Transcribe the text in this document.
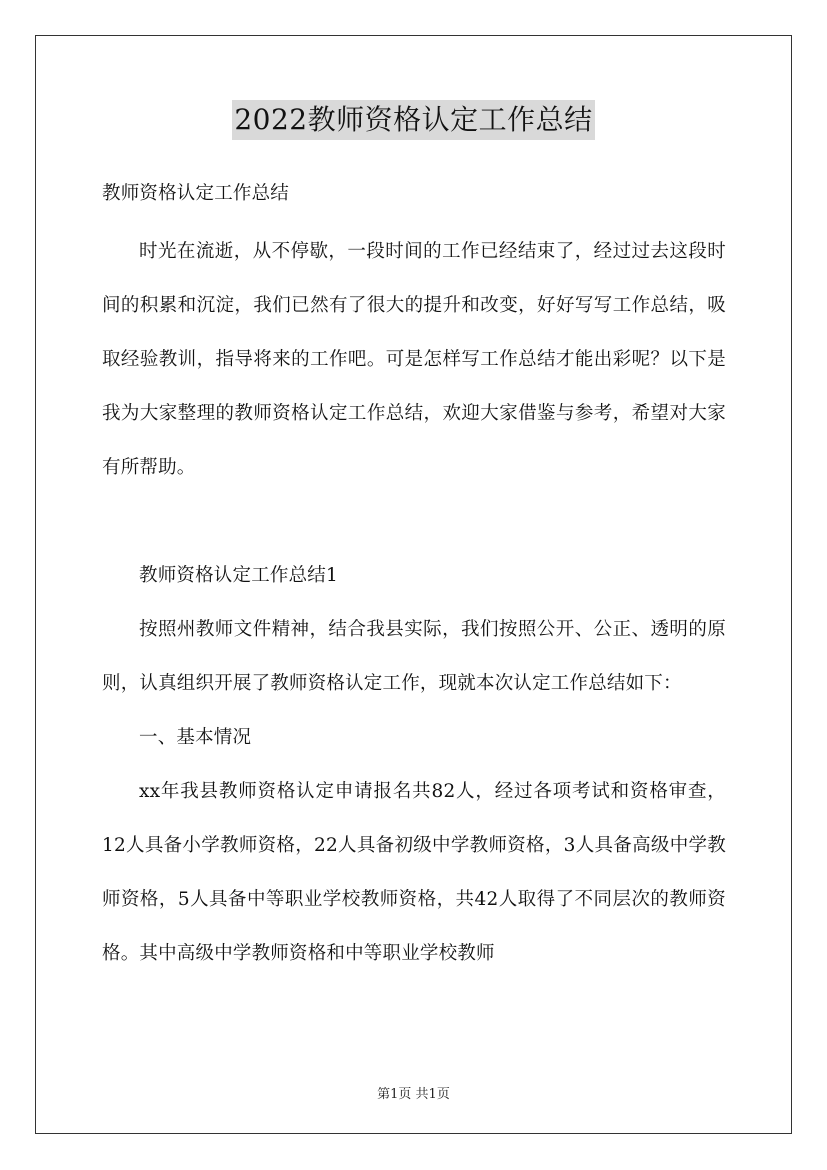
2022教师资格认定工作总结

教师资格认定工作总结

时光在流逝，从不停歇，一段时间的工作已经结束了，经过过去这段时间的积累和沉淀，我们已然有了很大的提升和改变，好好写写工作总结，吸取经验教训，指导将来的工作吧。可是怎样写工作总结才能出彩呢？以下是我为大家整理的教师资格认定工作总结，欢迎大家借鉴与参考，希望对大家有所帮助。

教师资格认定工作总结1

按照州教师文件精神，结合我县实际，我们按照公开、公正、透明的原则，认真组织开展了教师资格认定工作，现就本次认定工作总结如下：

一、基本情况

xx年我县教师资格认定申请报名共82人，经过各项考试和资格审查，12人具备小学教师资格，22人具备初级中学教师资格，3人具备高级中学教师资格，5人具备中等职业学校教师资格，共42人取得了不同层次的教师资格。其中高级中学教师资格和中等职业学校教师

第1页 共1页
